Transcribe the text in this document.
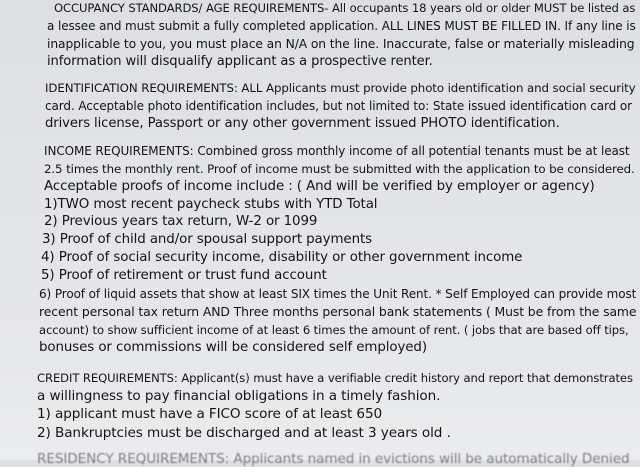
OCCUPANCY STANDARDS/ AGE REQUIREMENTS- All occupants 18 years old or older MUST be listed as
a lessee and must submit a fully completed application. ALL LINES MUST BE FILLED IN. If any line is
inapplicable to you, you must place an N/A on the line. Inaccurate, false or materially misleading
information will disqualify applicant as a prospective renter.
IDENTIFICATION REQUIREMENTS: ALL Applicants must provide photo identification and social security
card. Acceptable photo identification includes, but not limited to: State issued identification card or
drivers license, Passport or any other government issued PHOTO identification.
INCOME REQUIREMENTS: Combined gross monthly income of all potential tenants must be at least
2.5 times the monthly rent. Proof of income must be submitted with the application to be considered.
Acceptable proofs of income include : ( And will be verified by employer or agency)
1)TWO most recent paycheck stubs with YTD Total
2) Previous years tax return, W-2 or 1099
3) Proof of child and/or spousal support payments
4) Proof of social security income, disability or other government income
5) Proof of retirement or trust fund account
6) Proof of liquid assets that show at least SIX times the Unit Rent. * Self Employed can provide most
recent personal tax return AND Three months personal bank statements ( Must be from the same
account) to show sufficient income of at least 6 times the amount of rent. ( jobs that are based off tips,
bonuses or commissions will be considered self employed)
CREDIT REQUIREMENTS: Applicant(s) must have a verifiable credit history and report that demonstrates
a willingness to pay financial obligations in a timely fashion.
1) applicant must have a FICO score of at least 650
2) Bankruptcies must be discharged and at least 3 years old .
RESIDENCY REQUIREMENTS: Applicants named in evictions will be automatically Denied
